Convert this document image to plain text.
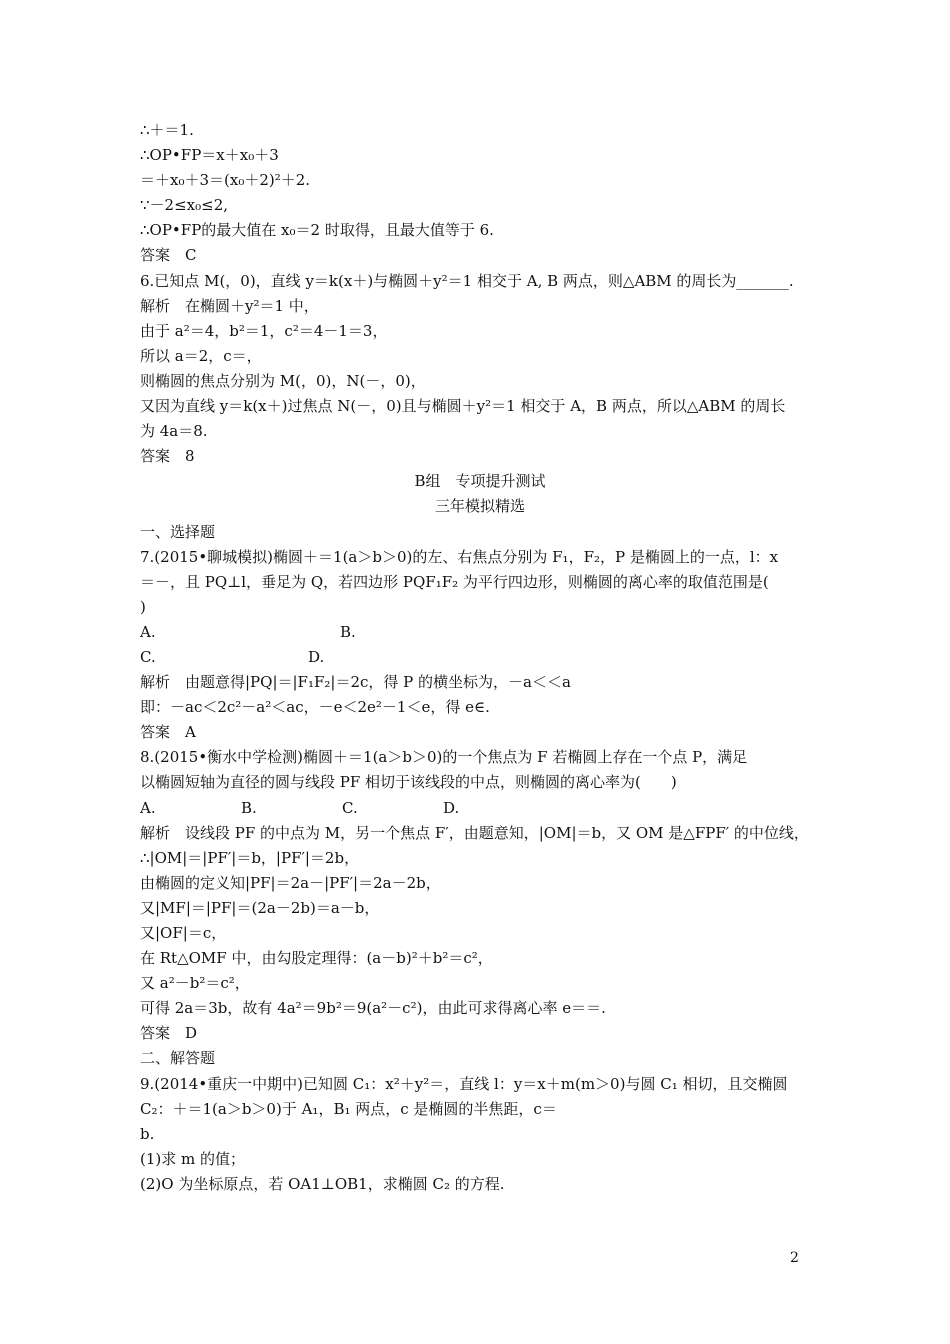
∴＋＝1.
∴OP•FP＝x＋x₀＋3
＝＋x₀＋3＝(x₀＋2)²＋2.
∵－2≤x₀≤2,
∴OP•FP的最大值在 x₀＝2 时取得，且最大值等于 6.
答案　C
6.已知点 M(，0)，直线 y＝k(x＋)与椭圆＋y²＝1 相交于 A, B 两点，则△ABM 的周长为_______.
解析　在椭圆＋y²＝1 中，
由于 a²＝4，b²＝1，c²＝4－1＝3，
所以 a＝2，c＝，
则椭圆的焦点分别为 M(，0)，N(－，0)，
又因为直线 y＝k(x＋)过焦点 N(－，0)且与椭圆＋y²＝1 相交于 A，B 两点，所以△ABM 的周长
为 4a＝8.
答案　8
B组　专项提升测试
三年模拟精选
一、选择题
7.(2015•聊城模拟)椭圆＋＝1(a＞b＞0)的左、右焦点分别为 F₁，F₂，P 是椭圆上的一点，l：x
＝－，且 PQ⊥l，垂足为 Q，若四边形 PQF₁F₂ 为平行四边形，则椭圆的离心率的取值范围是(
)
A.	B.
C.	D.
解析　由题意得|PQ|＝|F₁F₂|＝2c，得 P 的横坐标为，－a＜＜a
即：－ac＜2c²－a²＜ac，－e＜2e²－1＜e，得 e∈.
答案　A
8.(2015•衡水中学检测)椭圆＋＝1(a＞b＞0)的一个焦点为 F 若椭圆上存在一个点 P，满足
以椭圆短轴为直径的圆与线段 PF 相切于该线段的中点，则椭圆的离心率为(　　)
A.	B.	C.	D.
解析　设线段 PF 的中点为 M，另一个焦点 F′，由题意知，|OM|＝b，又 OM 是△FPF′ 的中位线，
∴|OM|＝|PF′|＝b，|PF′|＝2b，
由椭圆的定义知|PF|＝2a－|PF′|＝2a－2b，
又|MF|＝|PF|＝(2a－2b)＝a－b，
又|OF|＝c，
在 Rt△OMF 中，由勾股定理得：(a－b)²＋b²＝c²，
又 a²－b²＝c²，
可得 2a＝3b，故有 4a²＝9b²＝9(a²－c²)，由此可求得离心率 e＝＝.
答案　D
二、解答题
9.(2014•重庆一中期中)已知圆 C₁：x²＋y²＝，直线 l：y＝x＋m(m＞0)与圆 C₁ 相切，且交椭圆
C₂：＋＝1(a＞b＞0)于 A₁，B₁ 两点，c 是椭圆的半焦距，c＝
b.
(1)求 m 的值；
(2)O 为坐标原点，若 OA1⊥OB1，求椭圆 C₂ 的方程.
2
